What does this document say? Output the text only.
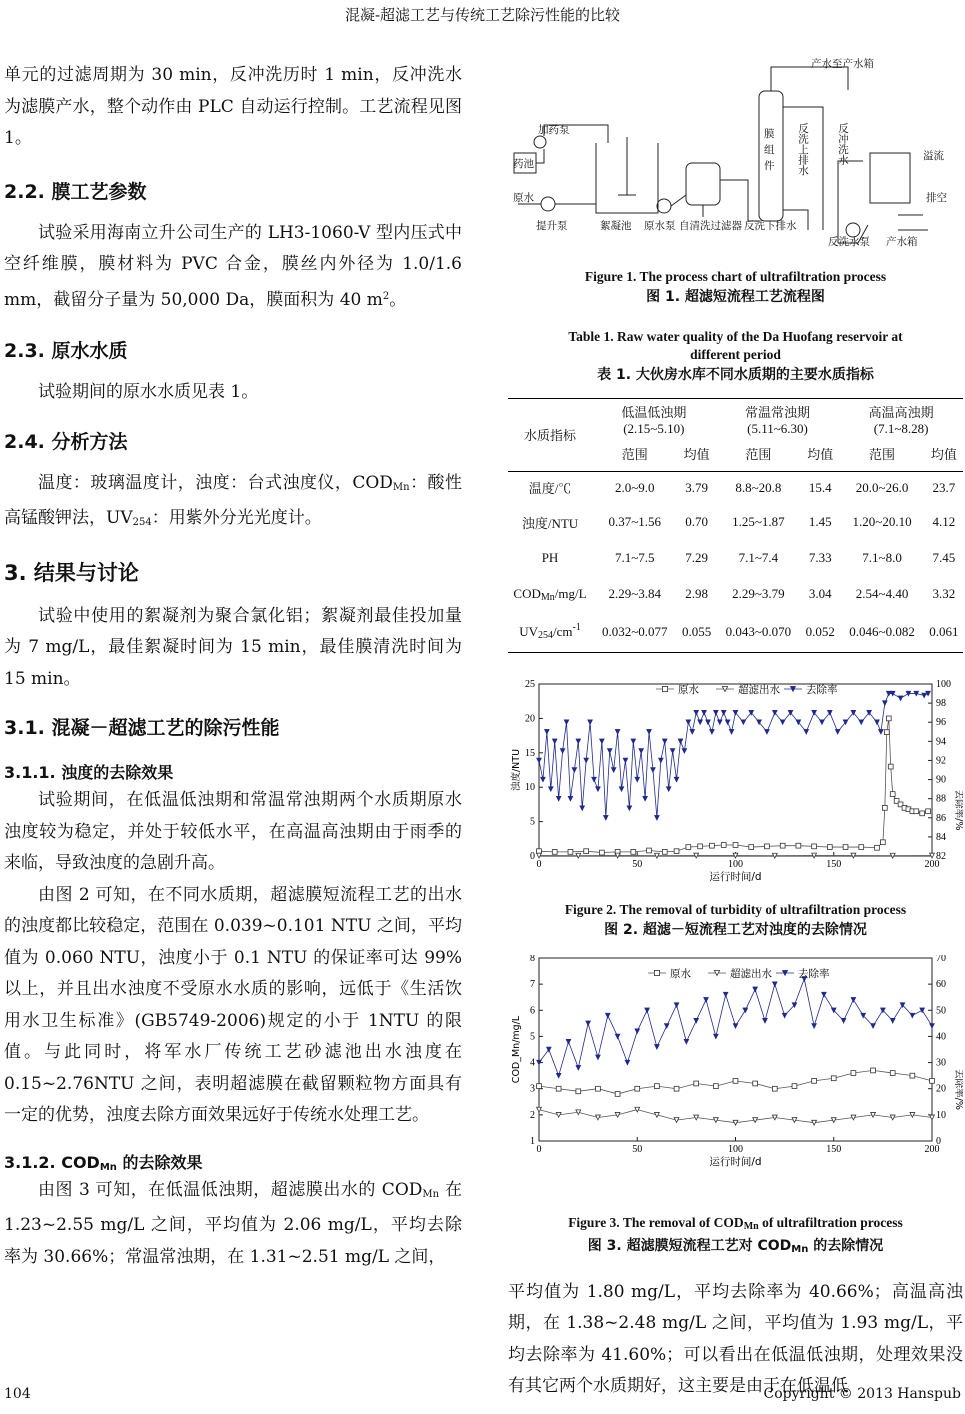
混凝-超滤工艺与传统工艺除污性能的比较

单元的过滤周期为 30 min，反冲洗历时 1 min，反冲洗水为滤膜产水，整个动作由 PLC 自动运行控制。工艺流程见图 1。

2.2. 膜工艺参数

试验采用海南立升公司生产的 LH3-1060-V 型内压式中空纤维膜，膜材料为 PVC 合金，膜丝内外径为 1.0/1.6 mm，截留分子量为 50,000 Da，膜面积为 40 $m^2$。

2.3. 原水水质

试验期间的原水水质见表 1。

2.4. 分析方法

温度：玻璃温度计，浊度：台式浊度仪，CODMn：酸性高锰酸钾法，UV254：用紫外分光光度计。

3. 结果与讨论

试验中使用的絮凝剂为聚合氯化铝；絮凝剂最佳投加量为 7 mg/L，最佳絮凝时间为 15 min，最佳膜清洗时间为 15 min。

3.1. 混凝－超滤工艺的除污性能
3.1.1. 浊度的去除效果

试验期间，在低温低浊期和常温常浊期两个水质期原水浊度较为稳定，并处于较低水平，在高温高浊期由于雨季的来临，导致浊度的急剧升高。

由图 2 可知，在不同水质期，超滤膜短流程工艺的出水的浊度都比较稳定，范围在 0.039~0.101 NTU 之间，平均值为 0.060 NTU，浊度小于 0.1 NTU 的保证率可达 99%以上，并且出水浊度不受原水水质的影响，远低于《生活饮用水卫生标准》(GB5749-2006)规定的小于 1NTU 的限值。与此同时，将军水厂传统工艺砂滤池出水浊度在 0.15~2.76NTU 之间，表明超滤膜在截留颗粒物方面具有一定的优势，浊度去除方面效果远好于传统水处理工艺。

3.1.2. CODMn 的去除效果

由图 3 可知，在低温低浊期，超滤膜出水的 CODMn 在 1.23~2.55 mg/L 之间，平均值为 2.06 mg/L，平均去除率为 30.66%；常温常浊期，在 1.31~2.51 mg/L 之间，

产水至产水箱
加药泵
药池
原水
提升泵	絮凝池 原水泵 自清洗过滤器 反洗下排水
膜
组
件 反洗上排水	反冲洗水	溢流
排空
反洗水泵 产水箱

Figure 1. The process chart of ultrafiltration process

图 1. 超滤短流程工艺流程图

Table 1. Raw water quality of the Da Huofang reservoir at
different period

表 1. 大伙房水库不同水质期的主要水质指标

水质指标	低温低浊期
(2.15~5.10)		常温常浊期
(5.11~6.30)		高温高浊期
(7.1~8.28)	
	范围	均值	范围	均值	范围	均值
温度/℃	2.0~9.0	3.79	8.8~20.8	15.4	20.0~26.0	23.7
浊度/NTU	0.37~1.56	0.70	1.25~1.87	1.45	1.20~20.10	4.12
PH	7.1~7.5	7.29	7.1~7.4	7.33	7.1~8.0	7.45
CODMn/mg/L	2.29~3.84	2.98	2.29~3.79	3.04	2.54~4.40	3.32
$UV254/cm^{-1}$	0.032~0.077	0.055	0.043~0.070	0.052	0.046~0.082	0.061
0	50	100	150	200
0
5
10
15
20
25
82
84
86
88
90
92
94
96
98
100
运行时间/d
浊度/NTU
去除率/%
原水	超滤出水 去除率

Figure 2. The removal of turbidity of ultrafiltration process

图 2. 超滤－短流程工艺对浊度的去除情况

0	50	100	150	200
1
2
3
4
5
6
7
8
0
10
20
30
40
50
60
70
运行时间/d
COD_Mn/mg/L
去除率/%
原水	超滤出水 去除率

Figure 3. The removal of CODMn of ultrafiltration process

图 3. 超滤膜短流程工艺对 CODMn 的去除情况

平均值为 1.80 mg/L，平均去除率为 40.66%；高温高浊期，在 1.38~2.48 mg/L 之间，平均值为 1.93 mg/L，平均去除率为 41.60%；可以看出在低温低浊期，处理效果没有其它两个水质期好，这主要是由于在低温低

104	Copyright © 2013 Hanspub
